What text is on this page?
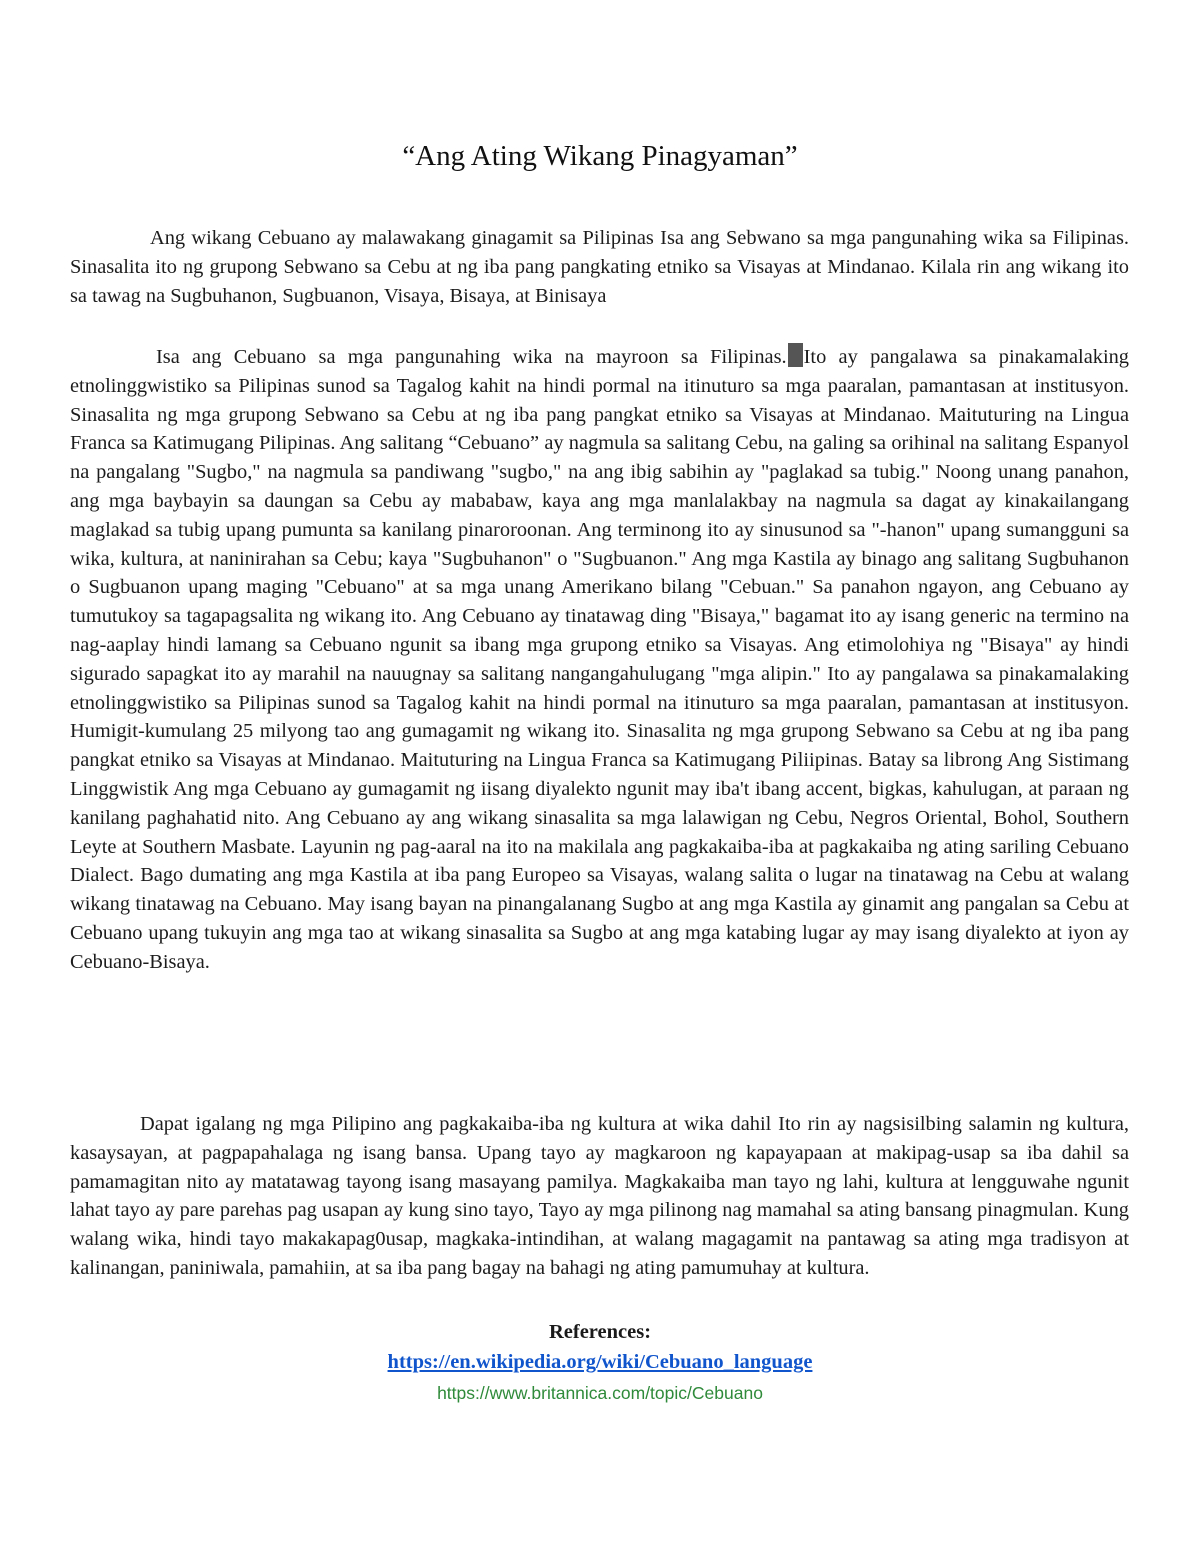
“Ang Ating Wikang Pinagyaman”

Ang wikang Cebuano ay malawakang ginagamit sa Pilipinas Isa ang Sebwano sa mga pangunahing wika sa Filipinas. Sinasalita ito ng grupong Sebwano sa Cebu at ng iba pang pangkating etniko sa Visayas at Mindanao. Kilala rin ang wikang ito sa tawag na Sugbuhanon, Sugbuanon, Visaya, Bisaya, at Binisaya

Isa ang Cebuano sa mga pangunahing wika na mayroon sa Filipinas. Ito ay pangalawa sa pinakamalaking etnolinggwistiko sa Pilipinas sunod sa Tagalog kahit na hindi pormal na itinuturo sa mga paaralan, pamantasan at institusyon. Sinasalita ng mga grupong Sebwano sa Cebu at ng iba pang pangkat etniko sa Visayas at Mindanao. Maituturing na Lingua Franca sa Katimugang Pilipinas. Ang salitang “Cebuano” ay nagmula sa salitang Cebu, na galing sa orihinal na salitang Espanyol na pangalang "Sugbo," na nagmula sa pandiwang "sugbo," na ang ibig sabihin ay "paglakad sa tubig." Noong unang panahon, ang mga baybayin sa daungan sa Cebu ay mababaw, kaya ang mga manlalakbay na nagmula sa dagat ay kinakailangang maglakad sa tubig upang pumunta sa kanilang pinaroroonan. Ang terminong ito ay sinusunod sa "-hanon" upang sumangguni sa wika, kultura, at naninirahan sa Cebu; kaya "Sugbuhanon" o "Sugbuanon." Ang mga Kastila ay binago ang salitang Sugbuhanon o Sugbuanon upang maging "Cebuano" at sa mga unang Amerikano bilang "Cebuan." Sa panahon ngayon, ang Cebuano ay tumutukoy sa tagapagsalita ng wikang ito. Ang Cebuano ay tinatawag ding "Bisaya," bagamat ito ay isang generic na termino na nag-aaplay hindi lamang sa Cebuano ngunit sa ibang mga grupong etniko sa Visayas. Ang etimolohiya ng "Bisaya" ay hindi sigurado sapagkat ito ay marahil na nauugnay sa salitang nangangahulugang "mga alipin." Ito ay pangalawa sa pinakamalaking etnolinggwistiko sa Pilipinas sunod sa Tagalog kahit na hindi pormal na itinuturo sa mga paaralan, pamantasan at institusyon. Humigit-kumulang 25 milyong tao ang gumagamit ng wikang ito. Sinasalita ng mga grupong Sebwano sa Cebu at ng iba pang pangkat etniko sa Visayas at Mindanao. Maituturing na Lingua Franca sa Katimugang Piliipinas. Batay sa librong Ang Sistimang Linggwistik Ang mga Cebuano ay gumagamit ng iisang diyalekto ngunit may iba't ibang accent, bigkas, kahulugan, at paraan ng kanilang paghahatid nito. Ang Cebuano ay ang wikang sinasalita sa mga lalawigan ng Cebu, Negros Oriental, Bohol, Southern Leyte at Southern Masbate. Layunin ng pag-aaral na ito na makilala ang pagkakaiba-iba at pagkakaiba ng ating sariling Cebuano Dialect. Bago dumating ang mga Kastila at iba pang Europeo sa Visayas, walang salita o lugar na tinatawag na Cebu at walang wikang tinatawag na Cebuano. May isang bayan na pinangalanang Sugbo at ang mga Kastila ay ginamit ang pangalan sa Cebu at Cebuano upang tukuyin ang mga tao at wikang sinasalita sa Sugbo at ang mga katabing lugar ay may isang diyalekto at iyon ay Cebuano-Bisaya.

Dapat igalang ng mga Pilipino ang pagkakaiba-iba ng kultura at wika dahil Ito rin ay nagsisilbing salamin ng kultura, kasaysayan, at pagpapahalaga ng isang bansa. Upang tayo ay magkaroon ng kapayapaan at makipag-usap sa iba dahil sa pamamagitan nito ay matatawag tayong isang masayang pamilya. Magkakaiba man tayo ng lahi, kultura at lengguwahe ngunit lahat tayo ay pare parehas pag usapan ay kung sino tayo, Tayo ay mga pilinong nag mamahal sa ating bansang pinagmulan. Kung walang wika, hindi tayo makakapag0usap, magkaka-intindihan, at walang magagamit na pantawag sa ating mga tradisyon at kalinangan, paniniwala, pamahiin, at sa iba pang bagay na bahagi ng ating pamumuhay at kultura.

References:
https://en.wikipedia.org/wiki/Cebuano_language
https://www.britannica.com/topic/Cebuano
